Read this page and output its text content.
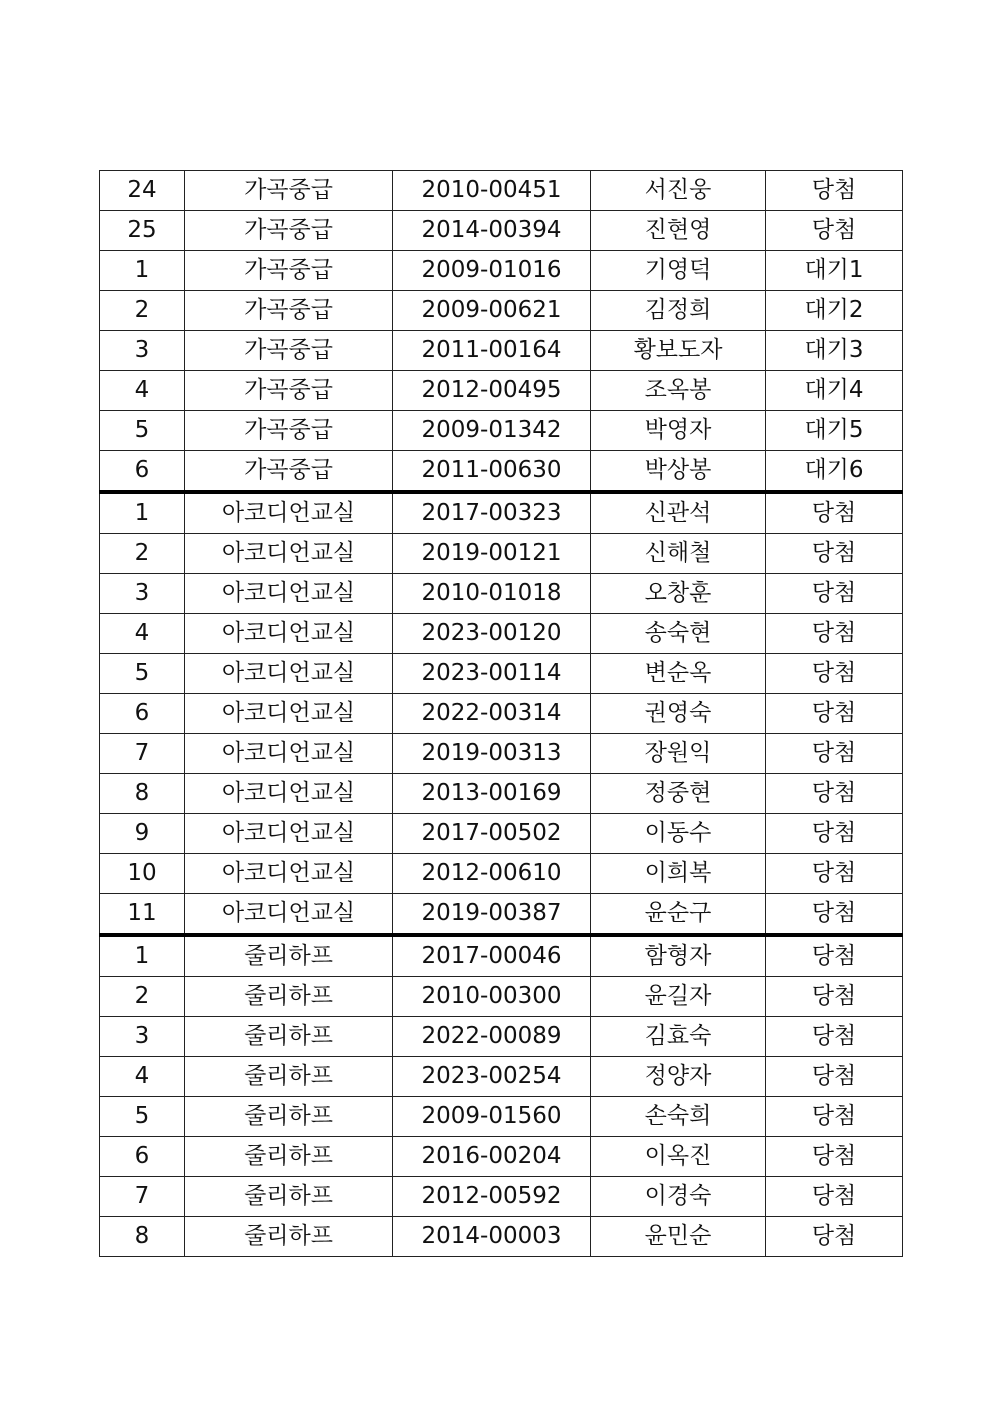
24	가곡중급	2010-00451	서진웅	당첨
25	가곡중급	2014-00394	진현영	당첨
1	가곡중급	2009-01016	기영덕	대기1
2	가곡중급	2009-00621	김정희	대기2
3	가곡중급	2011-00164	황보도자	대기3
4	가곡중급	2012-00495	조옥봉	대기4
5	가곡중급	2009-01342	박영자	대기5
6	가곡중급	2011-00630	박상봉	대기6
1	아코디언교실	2017-00323	신관석	당첨
2	아코디언교실	2019-00121	신해철	당첨
3	아코디언교실	2010-01018	오창훈	당첨
4	아코디언교실	2023-00120	송숙현	당첨
5	아코디언교실	2023-00114	변순옥	당첨
6	아코디언교실	2022-00314	권영숙	당첨
7	아코디언교실	2019-00313	장원익	당첨
8	아코디언교실	2013-00169	정중현	당첨
9	아코디언교실	2017-00502	이동수	당첨
10	아코디언교실	2012-00610	이희복	당첨
11	아코디언교실	2019-00387	윤순구	당첨
1	줄리하프	2017-00046	함형자	당첨
2	줄리하프	2010-00300	윤길자	당첨
3	줄리하프	2022-00089	김효숙	당첨
4	줄리하프	2023-00254	정양자	당첨
5	줄리하프	2009-01560	손숙희	당첨
6	줄리하프	2016-00204	이옥진	당첨
7	줄리하프	2012-00592	이경숙	당첨
8	줄리하프	2014-00003	윤민순	당첨
